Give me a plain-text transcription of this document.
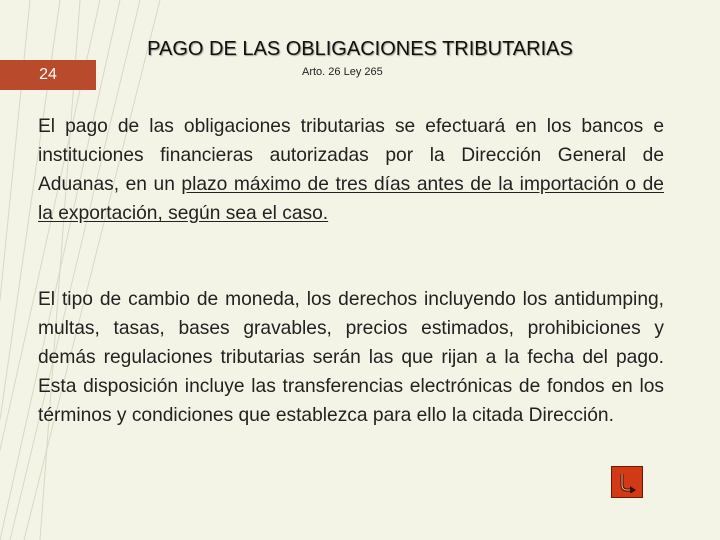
PAGO DE LAS OBLIGACIONES TRIBUTARIAS
24	Arto. 26 Ley 265
El pago de las obligaciones tributarias se efectuará en los bancos e instituciones financieras autorizadas por la Dirección General de Aduanas, en un plazo máximo de tres días antes de la importación o de la exportación, según sea el caso.
El tipo de cambio de moneda, los derechos incluyendo los antidumping, multas, tasas, bases gravables, precios estimados, prohibiciones y demás regulaciones tributarias serán las que rijan a la fecha del pago. Esta disposición incluye las transferencias electrónicas de fondos en los términos y condiciones que establezca para ello la citada Dirección.
